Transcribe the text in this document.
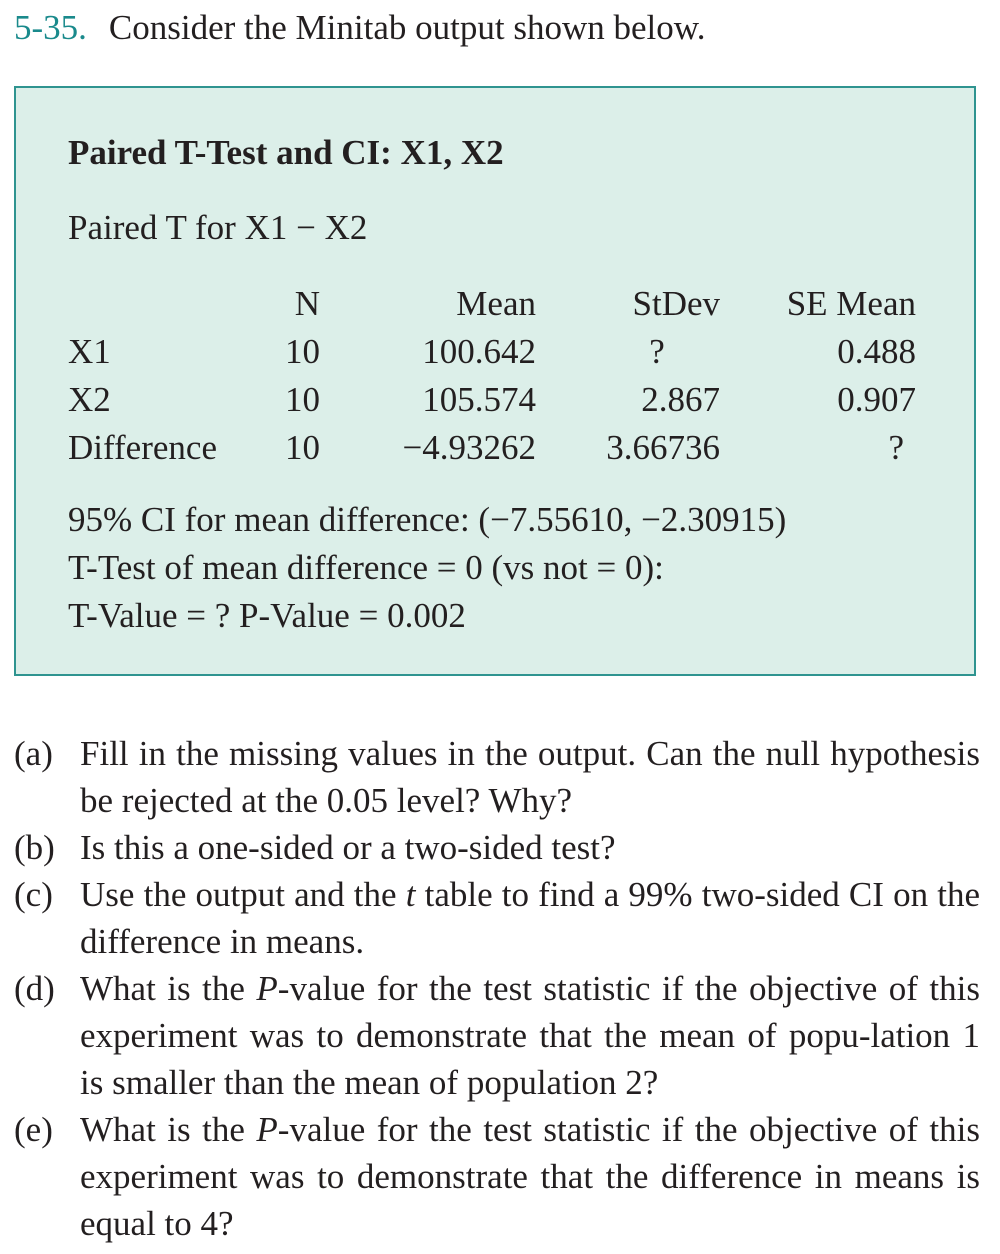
5-35. Consider the Minitab output shown below.
Paired T-Test and CI: X1, X2
Paired T for X1 − X2
	N	Mean	StDev	SE Mean
X1	10	100.642	?	0.488
X2	10	105.574	2.867	0.907
Difference	10	−4.93262	3.66736	?
95% CI for mean difference: (−7.55610, −2.30915)
T-Test of mean difference = 0 (vs not = 0):
T-Value = ? P-Value = 0.002
(a) Fill in the missing values in the output. Can the null hypothesis be rejected at the 0.05 level? Why?
(b) Is this a one-sided or a two-sided test?
(c) Use the output and the t table to find a 99% two-sided CI on the difference in means.
(d) What is the P-value for the test statistic if the objective of this experiment was to demonstrate that the mean of popu-lation 1 is smaller than the mean of population 2?
(e) What is the P-value for the test statistic if the objective of this experiment was to demonstrate that the difference in means is equal to 4?
